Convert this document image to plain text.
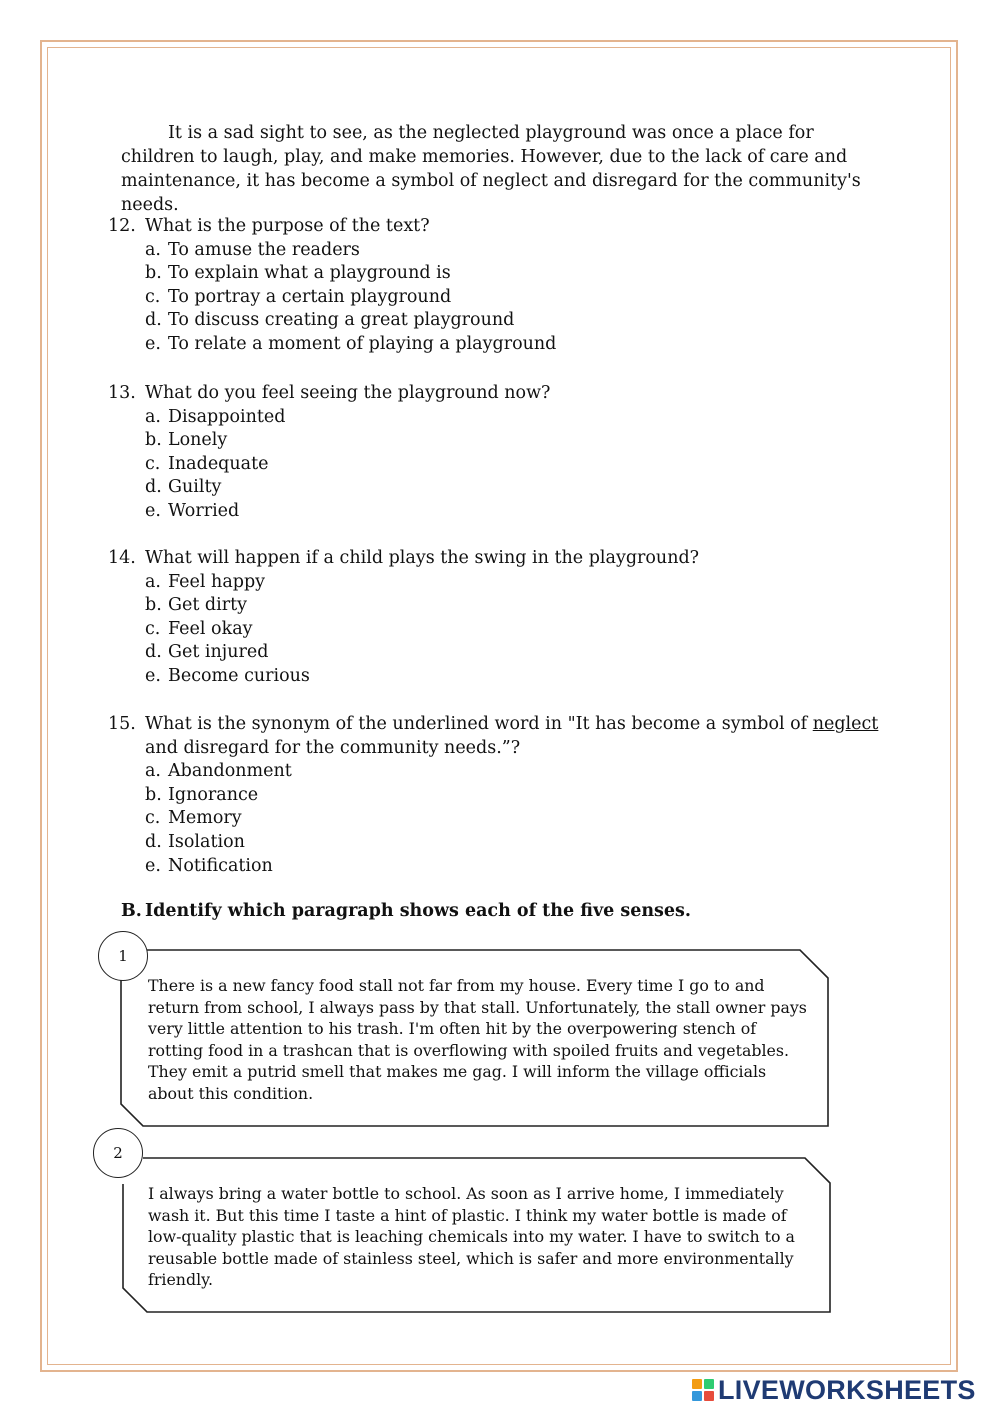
It is a sad sight to see, as the neglected playground was once a place for children to laugh, play, and make memories. However, due to the lack of care and maintenance, it has become a symbol of neglect and disregard for the community's needs.

12. What is the purpose of the text?

a. To amuse the readers
b. To explain what a playground is
c. To portray a certain playground
d. To discuss creating a great playground
e. To relate a moment of playing a playground
13. What do you feel seeing the playground now?

a. Disappointed
b. Lonely
c. Inadequate
d. Guilty
e. Worried
14. What will happen if a child plays the swing in the playground?

a. Feel happy
b. Get dirty
c. Feel okay
d. Get injured
e. Become curious
15. What is the synonym of the underlined word in "It has become a symbol of neglect and disregard for the community needs.”?

a. Abandonment
b. Ignorance
c. Memory
d. Isolation
e. Notification
B. Identify which paragraph shows each of the five senses.
1
There is a new fancy food stall not far from my house. Every time I go to and return from school, I always pass by that stall. Unfortunately, the stall owner pays very little attention to his trash. I'm often hit by the overpowering stench of rotting food in a trashcan that is overflowing with spoiled fruits and vegetables. They emit a putrid smell that makes me gag. I will inform the village officials about this condition.
2
I always bring a water bottle to school. As soon as I arrive home, I immediately wash it. But this time I taste a hint of plastic. I think my water bottle is made of low-quality plastic that is leaching chemicals into my water. I have to switch to a reusable bottle made of stainless steel, which is safer and more environmentally friendly.
LIVEWORKSHEETS
